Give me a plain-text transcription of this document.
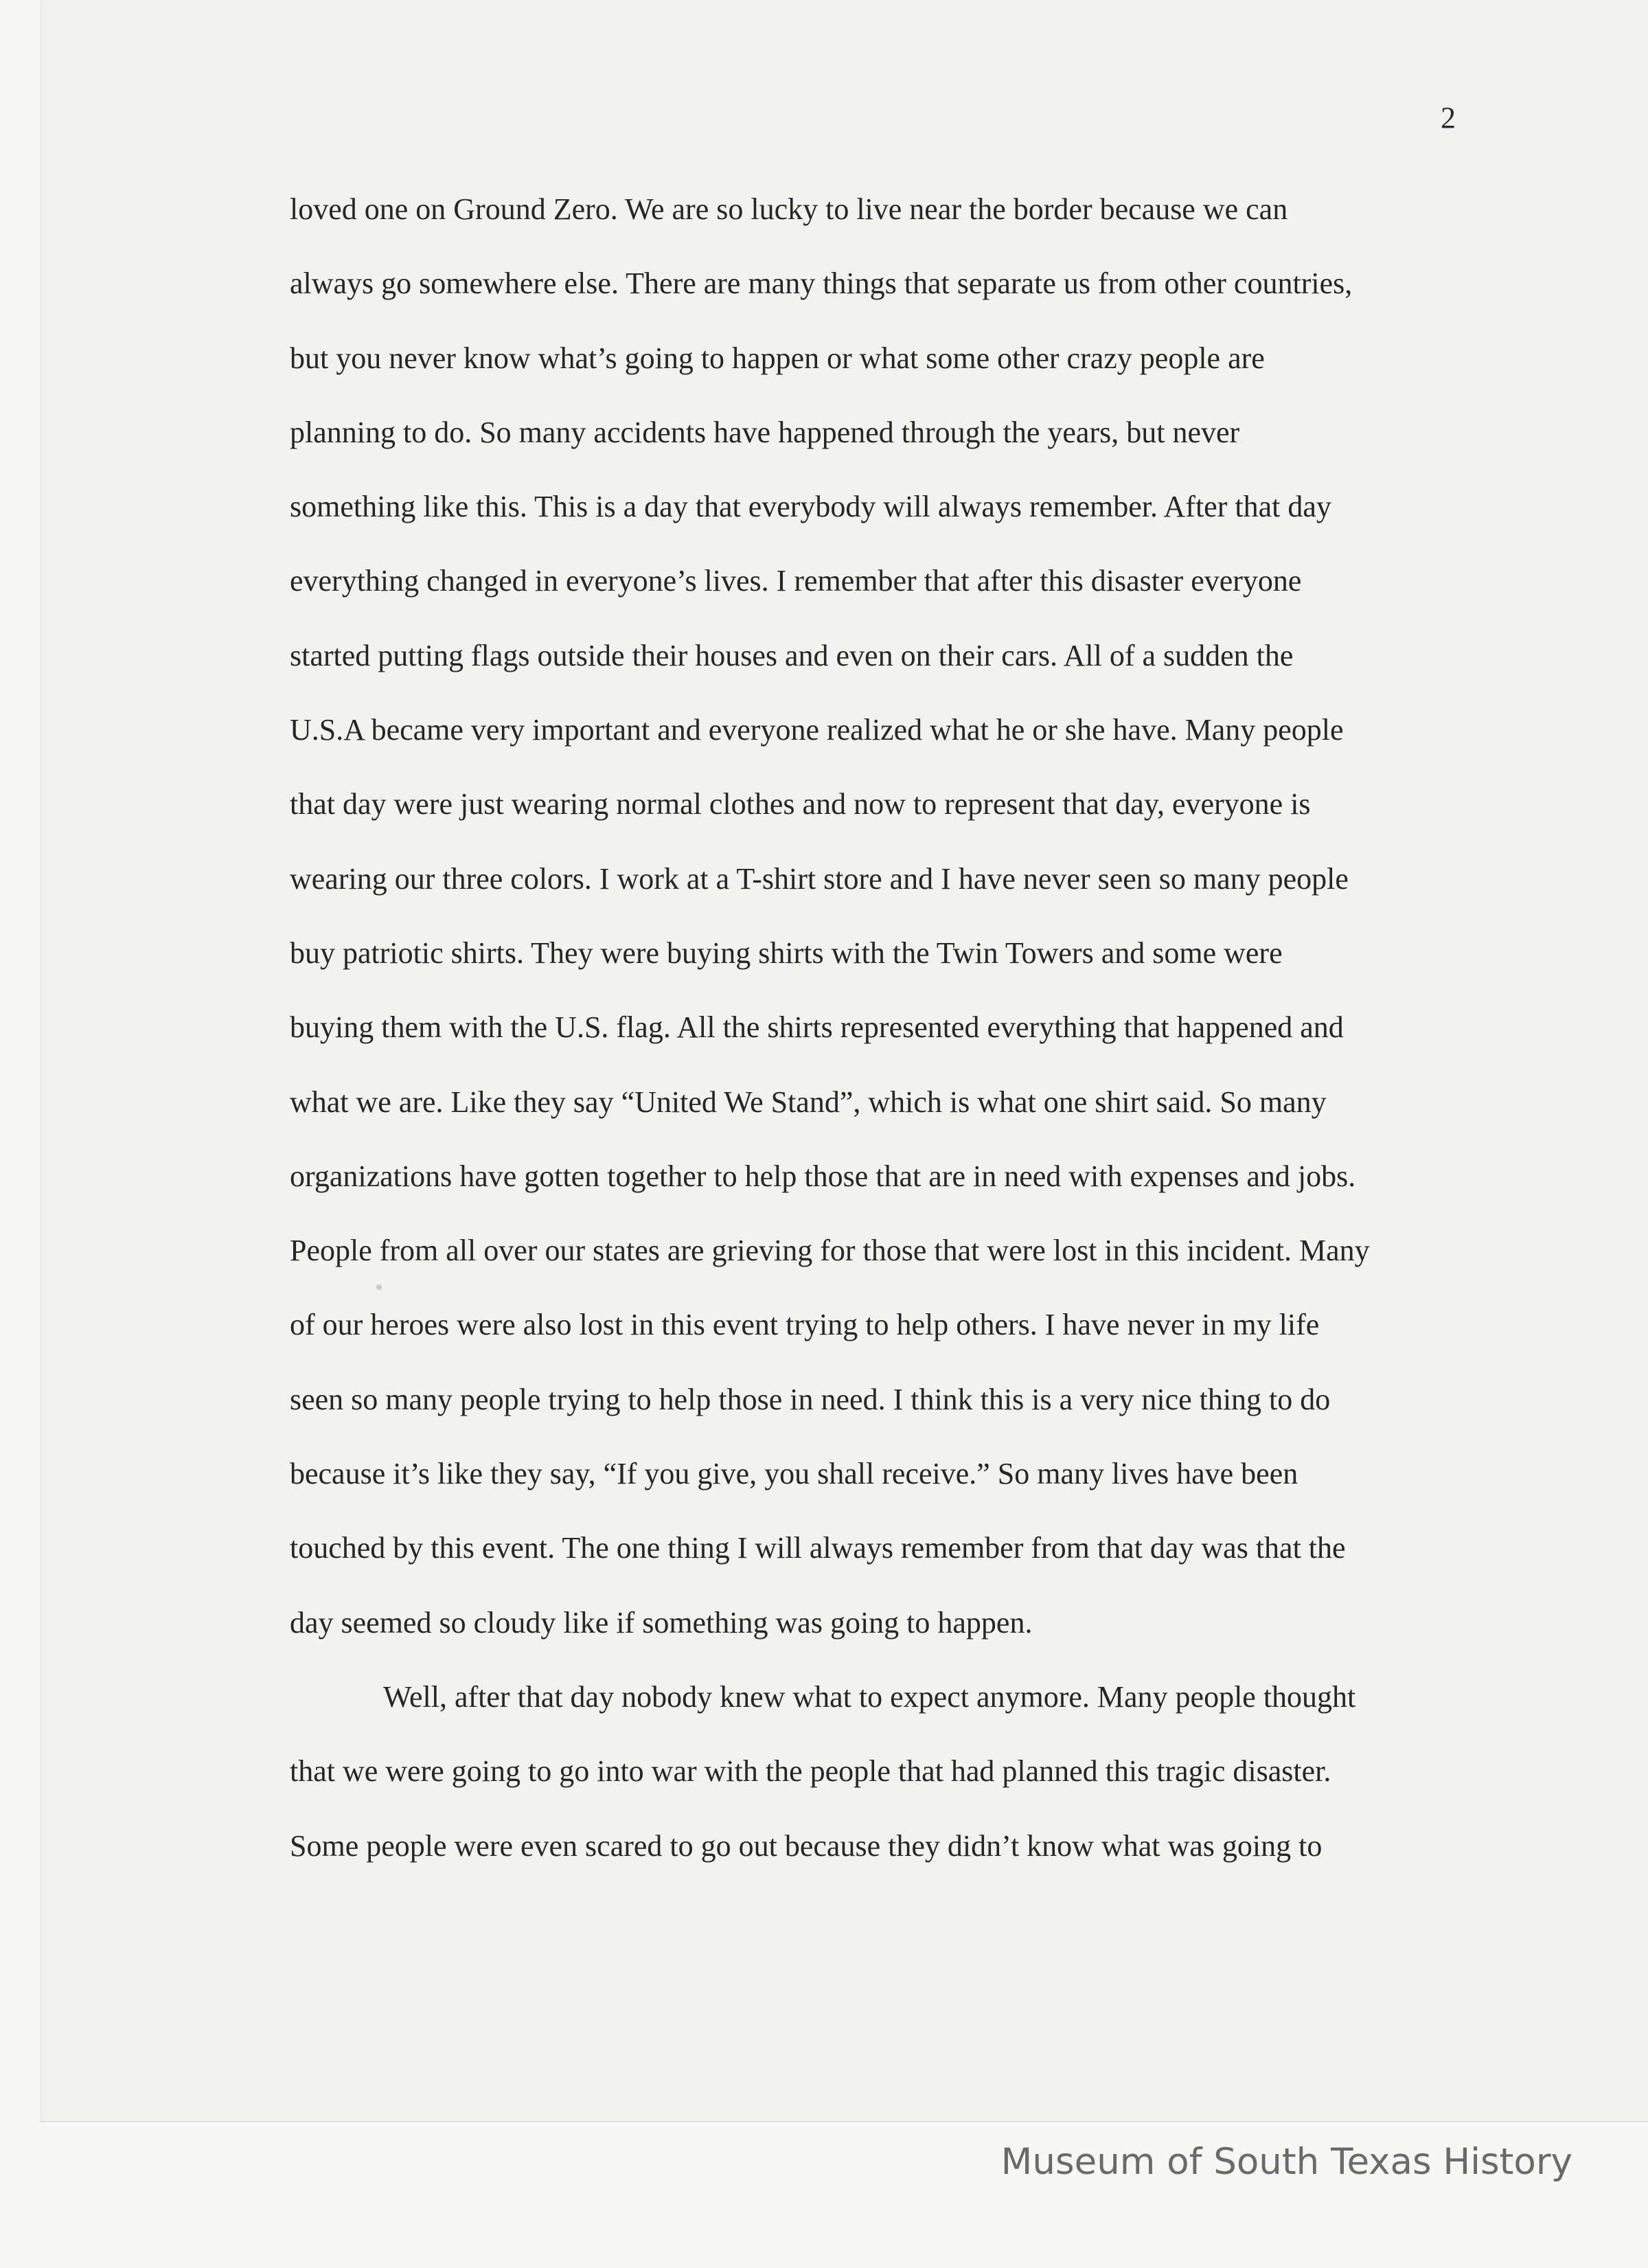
2
loved one on Ground Zero. We are so lucky to live near the border because we can
always go somewhere else. There are many things that separate us from other countries,
but you never know what’s going to happen or what some other crazy people are
planning to do. So many accidents have happened through the years, but never
something like this. This is a day that everybody will always remember. After that day
everything changed in everyone’s lives. I remember that after this disaster everyone
started putting flags outside their houses and even on their cars. All of a sudden the
U.S.A became very important and everyone realized what he or she have. Many people
that day were just wearing normal clothes and now to represent that day, everyone is
wearing our three colors. I work at a T-shirt store and I have never seen so many people
buy patriotic shirts. They were buying shirts with the Twin Towers and some were
buying them with the U.S. flag. All the shirts represented everything that happened and
what we are. Like they say “United We Stand”, which is what one shirt said. So many
organizations have gotten together to help those that are in need with expenses and jobs.
People from all over our states are grieving for those that were lost in this incident. Many
of our heroes were also lost in this event trying to help others. I have never in my life
seen so many people trying to help those in need. I think this is a very nice thing to do
because it’s like they say, “If you give, you shall receive.” So many lives have been
touched by this event. The one thing I will always remember from that day was that the
day seemed so cloudy like if something was going to happen.
Well, after that day nobody knew what to expect anymore. Many people thought
that we were going to go into war with the people that had planned this tragic disaster.
Some people were even scared to go out because they didn’t know what was going to
Museum of South Texas History
